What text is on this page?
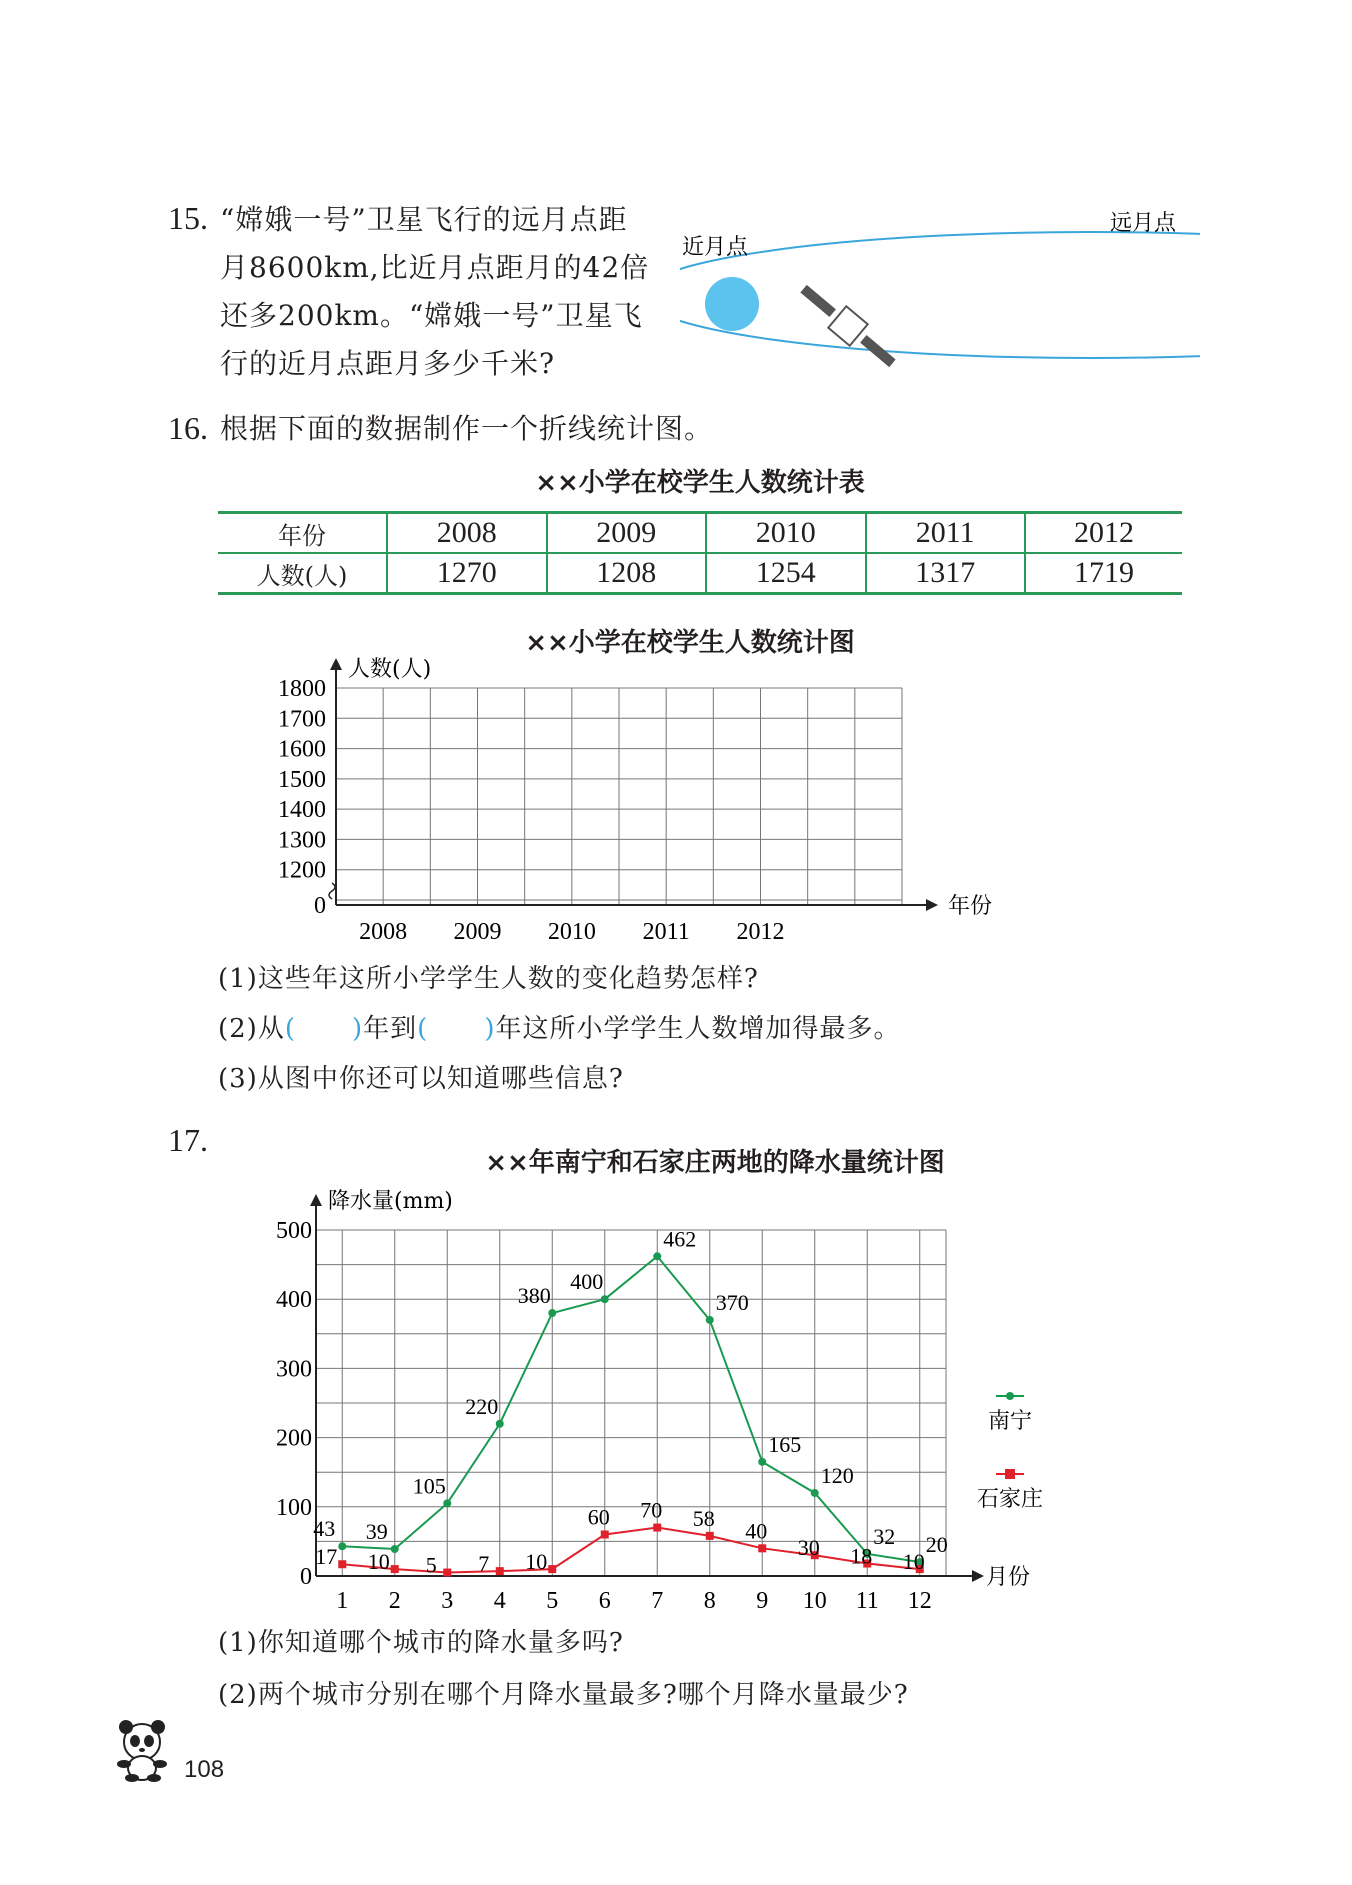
15. “嫦娥一号”卫星飞行的远月点距
月8600km,比近月点距月的42倍
还多200km。“嫦娥一号”卫星飞
行的近月点距月多少千米?
近月点
远月点
16. 根据下面的数据制作一个折线统计图。
××小学在校学生人数统计表
年份	2008	2009	2010	2011	2012
人数(人)	1270	1208	1254	1317	1719
××小学在校学生人数统计图
1800
1700
1600
1500
1400
1300
1200
0
2008 2009 2010 2011 2012
人数(人)
年份
(1)这些年这所小学学生人数的变化趋势怎样?
(2)从( )年到( )年这所小学学生人数增加得最多。
(3)从图中你还可以知道哪些信息?
17.
××年南宁和石家庄两地的降水量统计图
500
400
300
200
100
0
1 2 3 4 5 6 7 8 9 10 11 12
降水量(mm)
月份
43 39
105
220
380
400
462
370
165
120
32 20
17 10 5 7 10
60 70 58 40
30 18 10
南宁
石家庄
(1)你知道哪个城市的降水量多吗?
(2)两个城市分别在哪个月降水量最多?哪个月降水量最少?
108
